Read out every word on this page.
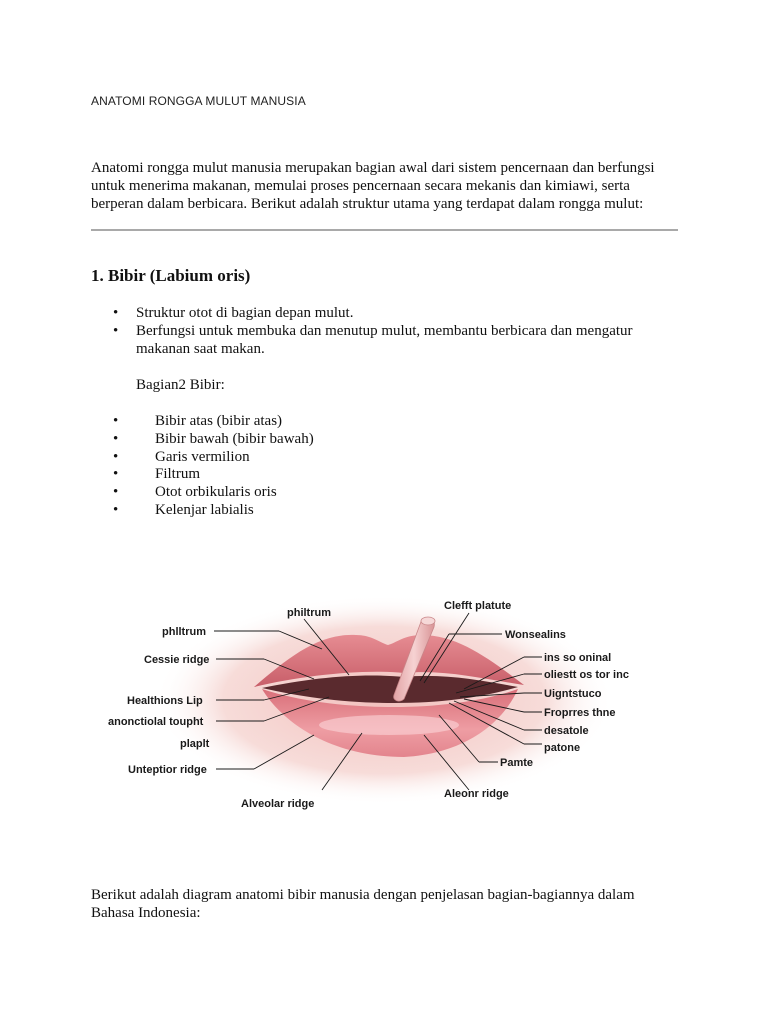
ANATOMI RONGGA MULUT MANUSIA

Anatomi rongga mulut manusia merupakan bagian awal dari sistem pencernaan dan berfungsi untuk menerima makanan, memulai proses pencernaan secara mekanis dan kimiawi, serta berperan dalam berbicara. Berikut adalah struktur utama yang terdapat dalam rongga mulut:

1. Bibir (Labium oris)
• Struktur otot di bagian depan mulut.
• Berfungsi untuk membuka dan menutup mulut, membantu berbicara dan mengatur makanan saat makan.
Bagian2 Bibir:
• Bibir atas (bibir atas)
• Bibir bawah (bibir bawah)
• Garis vermilion
• Filtrum
• Otot orbikularis oris
• Kelenjar labialis
phlltrum
Cessie ridge
Healthions Lip
anonctiolal toupht
plaplt
Unteptior ridge
philtrum
Clefft platute
Wonsealins
ins so oninal
oliestt os tor inc
Uigntstuco
Froprres thne
desatole
patone
Pamte
Alveolar ridge
Aleonr ridge

Berikut adalah diagram anatomi bibir manusia dengan penjelasan bagian-bagiannya dalam Bahasa Indonesia:
